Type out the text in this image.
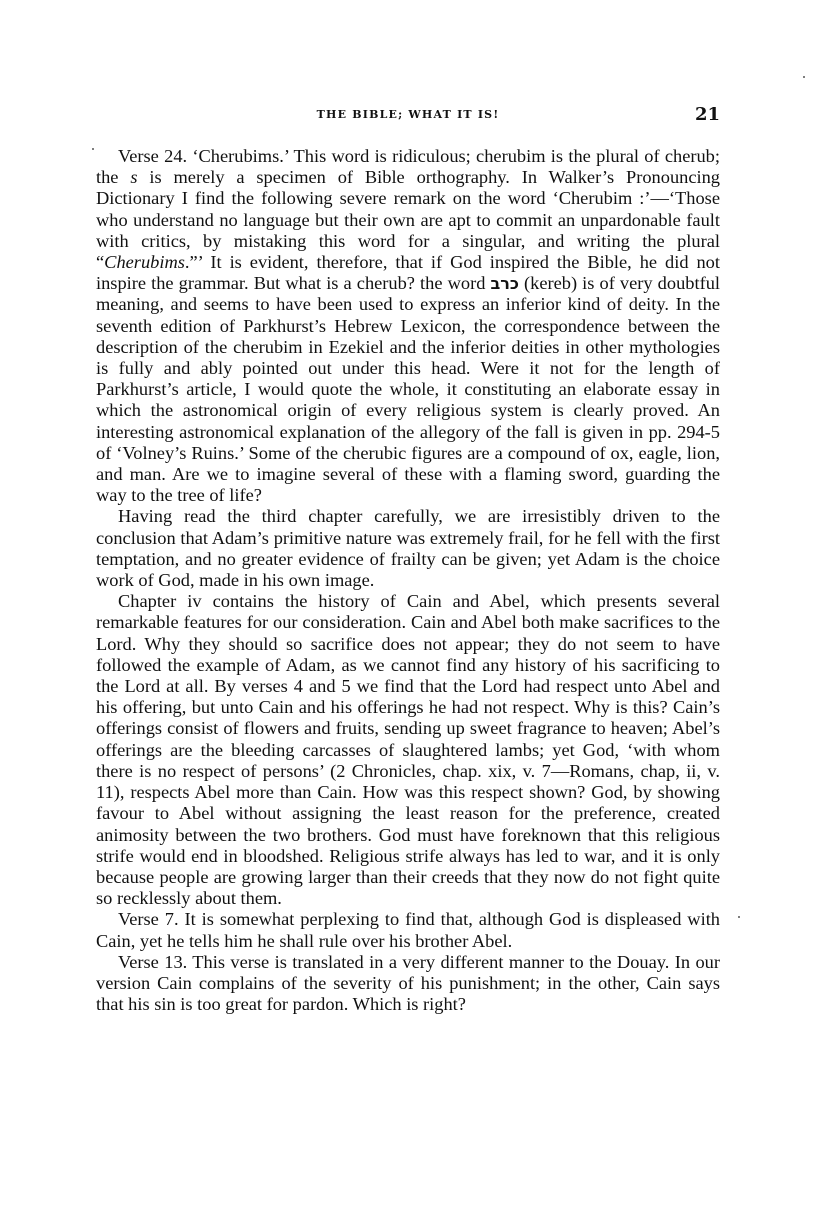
THE BIBLE; WHAT IT IS!	21

Verse 24. ‘Cherubims.’ This word is ridiculous; cherubim is the plural of cherub; the s is merely a specimen of Bible orthography. In Walker’s Pronouncing Dictionary I find the following severe remark on the word ‘Cherubim :’—‘Those who understand no language but their own are apt to commit an unpardonable fault with critics, by mistaking this word for a singular, and writing the plural “Cherubims.”’ It is evident, therefore, that if God inspired the Bible, he did not inspire the grammar. But what is a cherub? the word כרב (kereb) is of very doubtful meaning, and seems to have been used to express an inferior kind of deity. In the seventh edition of Parkhurst’s Hebrew Lexicon, the correspondence between the description of the cherubim in Ezekiel and the inferior deities in other mythologies is fully and ably pointed out under this head. Were it not for the length of Parkhurst’s article, I would quote the whole, it constituting an elaborate essay in which the astronomical origin of every religious system is clearly proved. An interesting astronomical explanation of the allegory of the fall is given in pp. 294-5 of ‘Volney’s Ruins.’ Some of the cherubic figures are a compound of ox, eagle, lion, and man. Are we to imagine several of these with a flaming sword, guarding the way to the tree of life?

Having read the third chapter carefully, we are irresistibly driven to the conclusion that Adam’s primitive nature was extremely frail, for he fell with the first temptation, and no greater evidence of frailty can be given; yet Adam is the choice work of God, made in his own image.

Chapter iv contains the history of Cain and Abel, which presents several remarkable features for our consideration. Cain and Abel both make sacrifices to the Lord. Why they should so sacrifice does not appear; they do not seem to have followed the example of Adam, as we cannot find any history of his sacrificing to the Lord at all. By verses 4 and 5 we find that the Lord had respect unto Abel and his offering, but unto Cain and his offerings he had not respect. Why is this? Cain’s offerings consist of flowers and fruits, sending up sweet fragrance to heaven; Abel’s offerings are the bleeding carcasses of slaughtered lambs; yet God, ‘with whom there is no respect of persons’ (2 Chronicles, chap. xix, v. 7—Romans, chap, ii, v. 11), respects Abel more than Cain. How was this respect shown? God, by showing favour to Abel without assigning the least reason for the preference, created animosity between the two brothers. God must have foreknown that this religious strife would end in bloodshed. Religious strife always has led to war, and it is only because people are growing larger than their creeds that they now do not fight quite so recklessly about them.

Verse 7. It is somewhat perplexing to find that, although God is displeased with Cain, yet he tells him he shall rule over his brother Abel.

Verse 13. This verse is translated in a very different manner to the Douay. In our version Cain complains of the severity of his punishment; in the other, Cain says that his sin is too great for pardon. Which is right?
